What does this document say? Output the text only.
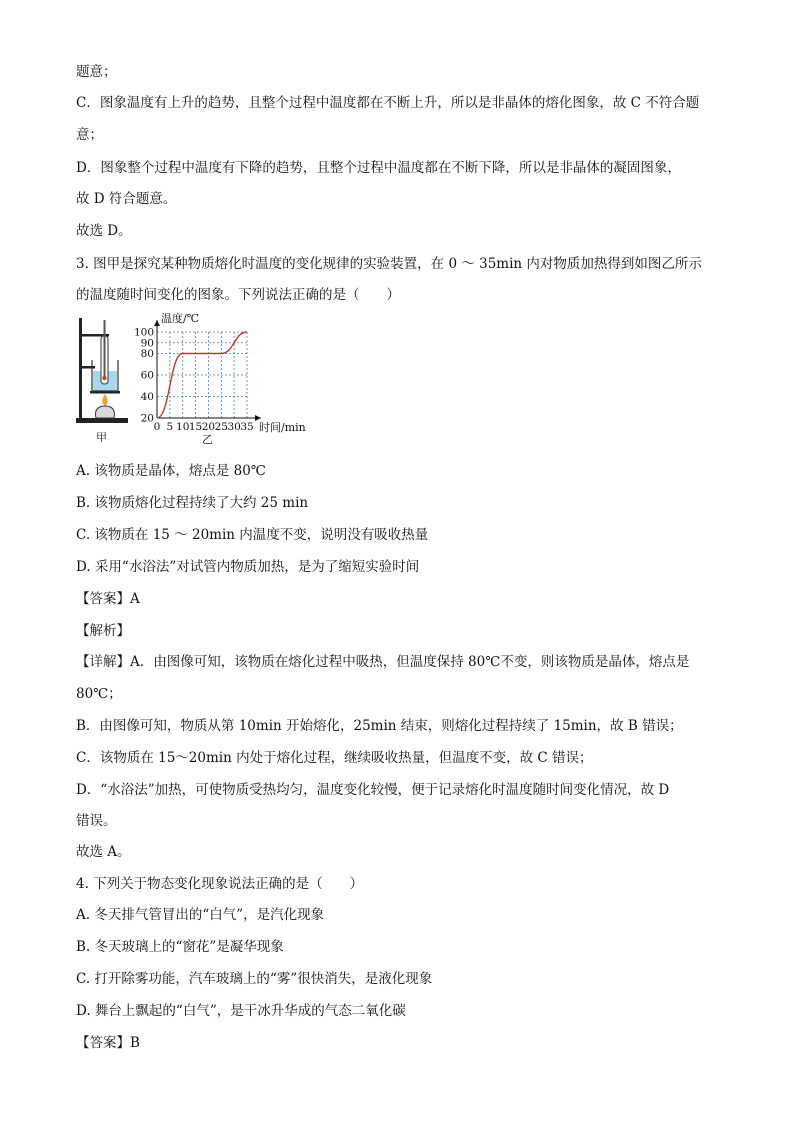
题意；
C．图象温度有上升的趋势，且整个过程中温度都在不断上升，所以是非晶体的熔化图象，故 C 不符合题
意；
D．图象整个过程中温度有下降的趋势，且整个过程中温度都在不断下降，所以是非晶体的凝固图象，
故 D 符合题意。
故选 D。
3. 图甲是探究某种物质熔化时温度的变化规律的实验装置，在 0 ～ 35min 内对物质加热得到如图乙所示
的温度随时间变化的图象。下列说法正确的是（　　）
甲
0 5 10 15 20 25 30 35
20
40
60
80
90
100
温度/℃
时间/min
乙
A. 该物质是晶体，熔点是 80℃
B. 该物质熔化过程持续了大约 25 min
C. 该物质在 15 ～ 20min 内温度不变，说明没有吸收热量
D. 采用“水浴法”对试管内物质加热，是为了缩短实验时间
【答案】A
【解析】
【详解】A．由图像可知，该物质在熔化过程中吸热，但温度保持 80℃不变，则该物质是晶体，熔点是
80℃；
B．由图像可知，物质从第 10min 开始熔化，25min 结束，则熔化过程持续了 15min，故 B 错误；
C．该物质在 15～20min 内处于熔化过程，继续吸收热量，但温度不变，故 C 错误；
D．“水浴法”加热，可使物质受热均匀，温度变化较慢，便于记录熔化时温度随时间变化情况，故 D
错误。
故选 A。
4. 下列关于物态变化现象说法正确的是（　　）
A. 冬天排气管冒出的“白气”，是汽化现象
B. 冬天玻璃上的“窗花”是凝华现象
C. 打开除雾功能，汽车玻璃上的“雾”很快消失，是液化现象
D. 舞台上飘起的“白气”，是干冰升华成的气态二氧化碳
【答案】B
